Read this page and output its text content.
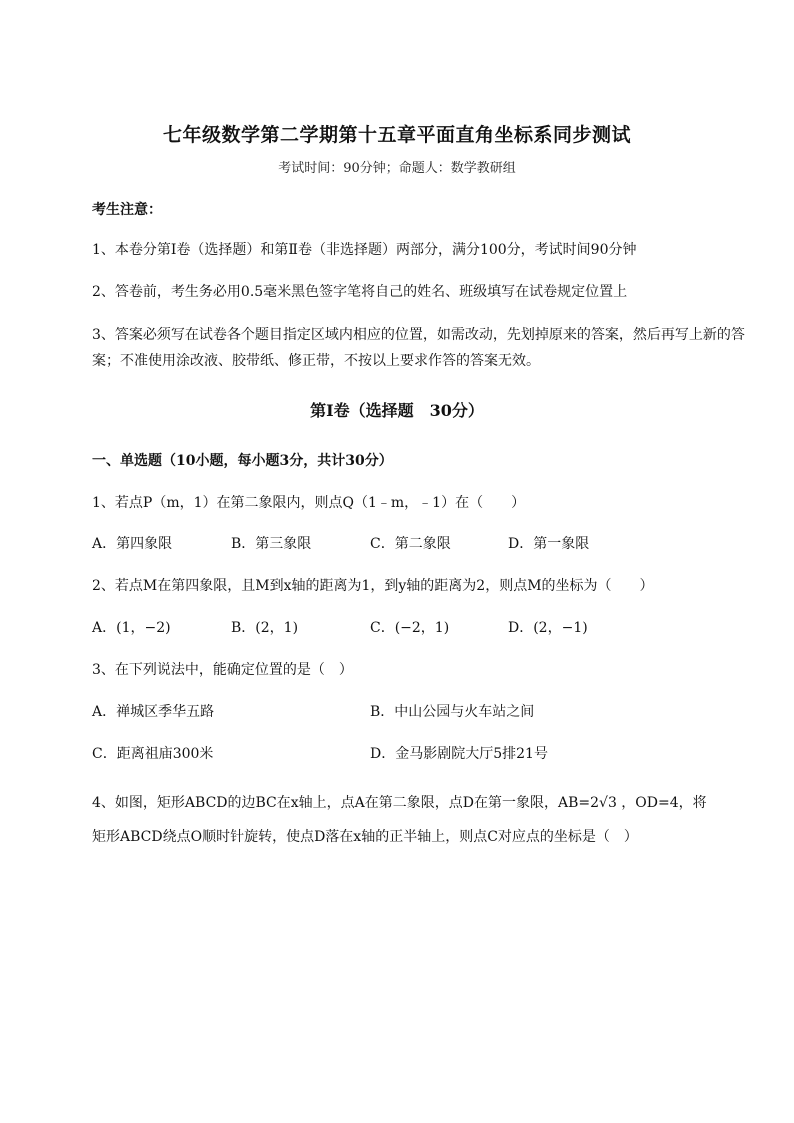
七年级数学第二学期第十五章平面直角坐标系同步测试
考试时间：90分钟；命题人：数学教研组
考生注意：
1、本卷分第I卷（选择题）和第Ⅱ卷（非选择题）两部分，满分100分，考试时间90分钟
2、答卷前，考生务必用0.5毫米黑色签字笔将自己的姓名、班级填写在试卷规定位置上
3、答案必须写在试卷各个题目指定区域内相应的位置，如需改动，先划掉原来的答案，然后再写上新的答案；不准使用涂改液、胶带纸、修正带，不按以上要求作答的答案无效。
第I卷（选择题　30分）
一、单选题（10小题，每小题3分，共计30分）
1、若点P（m，1）在第二象限内，则点Q（1﹣m，﹣1）在（　　）
A．第四象限	B．第三象限	C．第二象限	D．第一象限
2、若点M在第四象限，且M到x轴的距离为1，到y轴的距离为2，则点M的坐标为（　　）
A．(1，−2)	B．(2，1)	C．(−2，1)	D．(2，−1)
3、在下列说法中，能确定位置的是（　）
A．禅城区季华五路	B．中山公园与火车站之间
C．距离祖庙300米	D．金马影剧院大厅5排21号
4、如图，矩形ABCD的边BC在x轴上，点A在第二象限，点D在第一象限，AB=2√3 ，OD=4，将
矩形ABCD绕点O顺时针旋转，使点D落在x轴的正半轴上，则点C对应点的坐标是（　）
